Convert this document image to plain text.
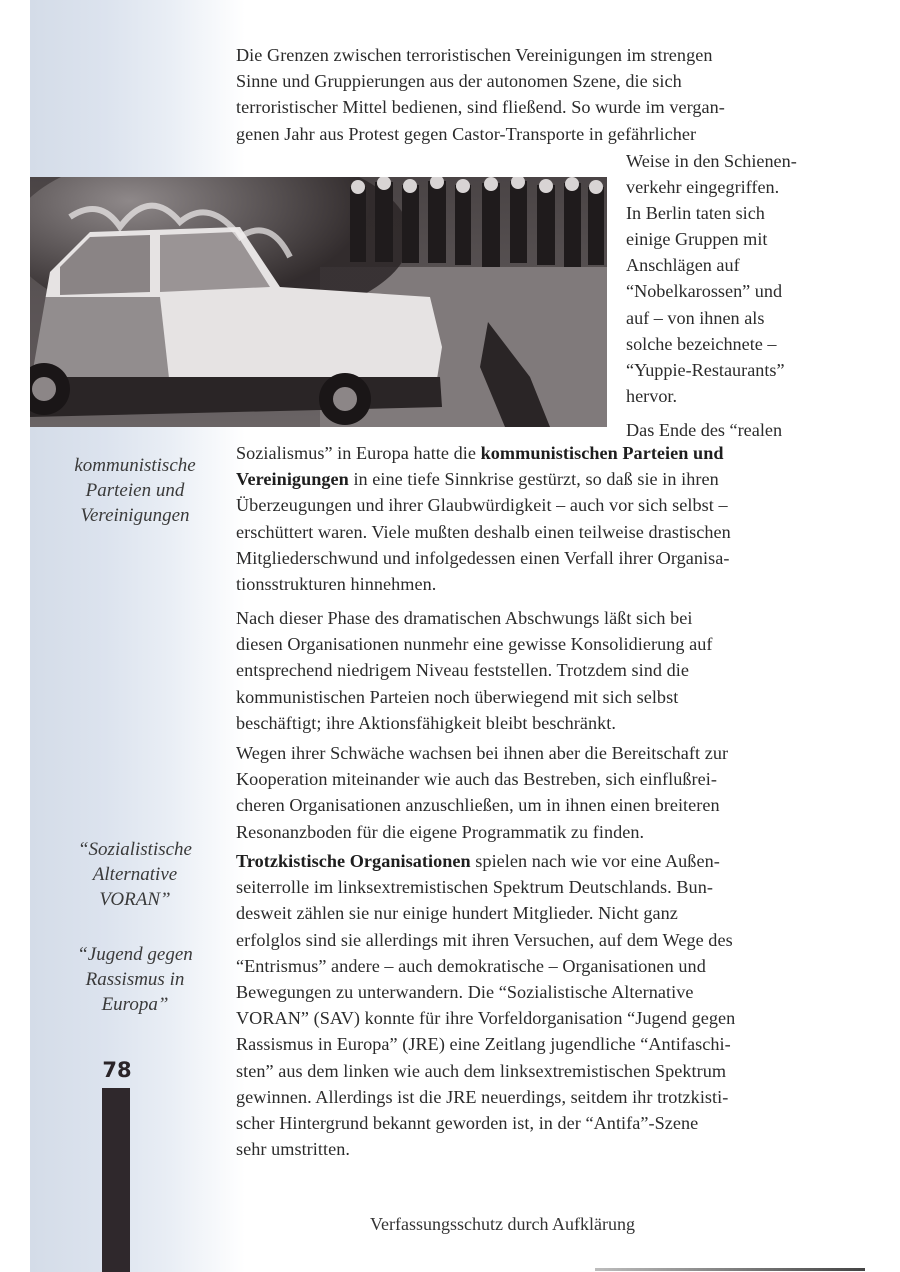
Die Grenzen zwischen terroristischen Vereinigungen im strengen
Sinne und Gruppierungen aus der autonomen Szene, die sich
terroristischer Mittel bedienen, sind fließend. So wurde im vergan-
genen Jahr aus Protest gegen Castor-Transporte in gefährlicher
Weise in den Schienen-
verkehr eingegriffen.
In Berlin taten sich
einige Gruppen mit
Anschlägen auf
“Nobelkarossen” und
auf – von ihnen als
solche bezeichnete –
“Yuppie-Restaurants”
hervor.
Das Ende des “realen
Sozialismus” in Europa hatte die kommunistischen Parteien und
Vereinigungen in eine tiefe Sinnkrise gestürzt, so daß sie in ihren
Überzeugungen und ihrer Glaubwürdigkeit – auch vor sich selbst –
erschüttert waren. Viele mußten deshalb einen teilweise drastischen
Mitgliederschwund und infolgedessen einen Verfall ihrer Organisa-
tionsstrukturen hinnehmen.
Nach dieser Phase des dramatischen Abschwungs läßt sich bei
diesen Organisationen nunmehr eine gewisse Konsolidierung auf
entsprechend niedrigem Niveau feststellen. Trotzdem sind die
kommunistischen Parteien noch überwiegend mit sich selbst
beschäftigt; ihre Aktionsfähigkeit bleibt beschränkt.
Wegen ihrer Schwäche wachsen bei ihnen aber die Bereitschaft zur
Kooperation miteinander wie auch das Bestreben, sich einflußrei-
cheren Organisationen anzuschließen, um in ihnen einen breiteren
Resonanzboden für die eigene Programmatik zu finden.
Trotzkistische Organisationen spielen nach wie vor eine Außen-
seiterrolle im linksextremistischen Spektrum Deutschlands. Bun-
desweit zählen sie nur einige hundert Mitglieder. Nicht ganz
erfolglos sind sie allerdings mit ihren Versuchen, auf dem Wege des
“Entrismus” andere – auch demokratische – Organisationen und
Bewegungen zu unterwandern. Die “Sozialistische Alternative
VORAN” (SAV) konnte für ihre Vorfeldorganisation “Jugend gegen
Rassismus in Europa” (JRE) eine Zeitlang jugendliche “Antifaschi-
sten” aus dem linken wie auch dem linksextremistischen Spektrum
gewinnen. Allerdings ist die JRE neuerdings, seitdem ihr trotzkisti-
scher Hintergrund bekannt geworden ist, in der “Antifa”-Szene
sehr umstritten.
kommunistische
Parteien und
Vereinigungen
“Sozialistische
Alternative
VORAN”
“Jugend gegen
Rassismus in
Europa”
78
Verfassungsschutz durch Aufklärung
